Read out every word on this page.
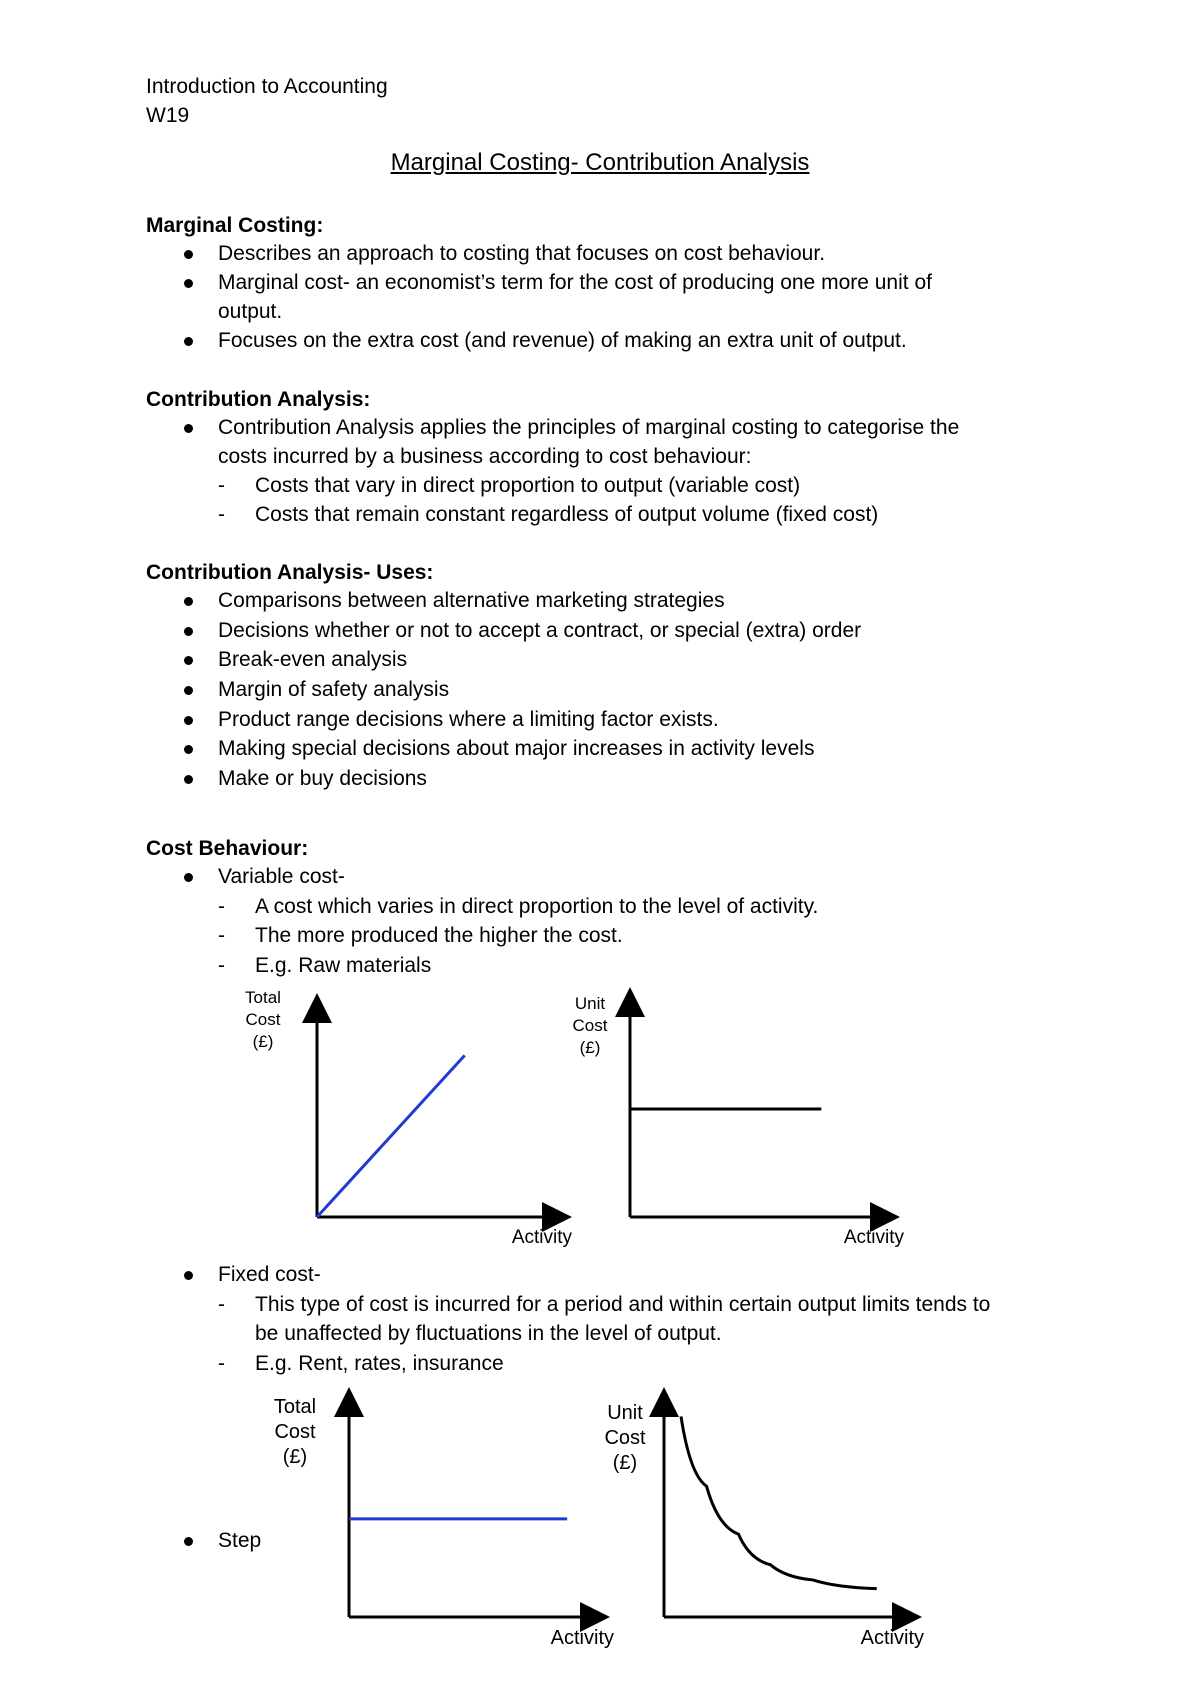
Introduction to Accounting
W19
Marginal Costing- Contribution Analysis
Marginal Costing:
Describes an approach to costing that focuses on cost behaviour.
Marginal cost- an economist’s term for the cost of producing one more unit of
output.
Focuses on the extra cost (and revenue) of making an extra unit of output.
Contribution Analysis:
Contribution Analysis applies the principles of marginal costing to categorise the
costs incurred by a business according to cost behaviour:
- Costs that vary in direct proportion to output (variable cost)
- Costs that remain constant regardless of output volume (fixed cost)
Contribution Analysis- Uses:
Comparisons between alternative marketing strategies
Decisions whether or not to accept a contract, or special (extra) order
Break-even analysis
Margin of safety analysis
Product range decisions where a limiting factor exists.
Making special decisions about major increases in activity levels
Make or buy decisions
Cost Behaviour:
Variable cost-
- A cost which varies in direct proportion to the level of activity.
- The more produced the higher the cost.
- E.g. Raw materials
Total
Cost
(£)
Activity
Unit
Cost
(£)
Activity
Fixed cost-
- This type of cost is incurred for a period and within certain output limits tends to
be unaffected by fluctuations in the level of output.
- E.g. Rent, rates, insurance
Step
Total
Cost
(£)
Activity
Unit
Cost
(£)
Activity
